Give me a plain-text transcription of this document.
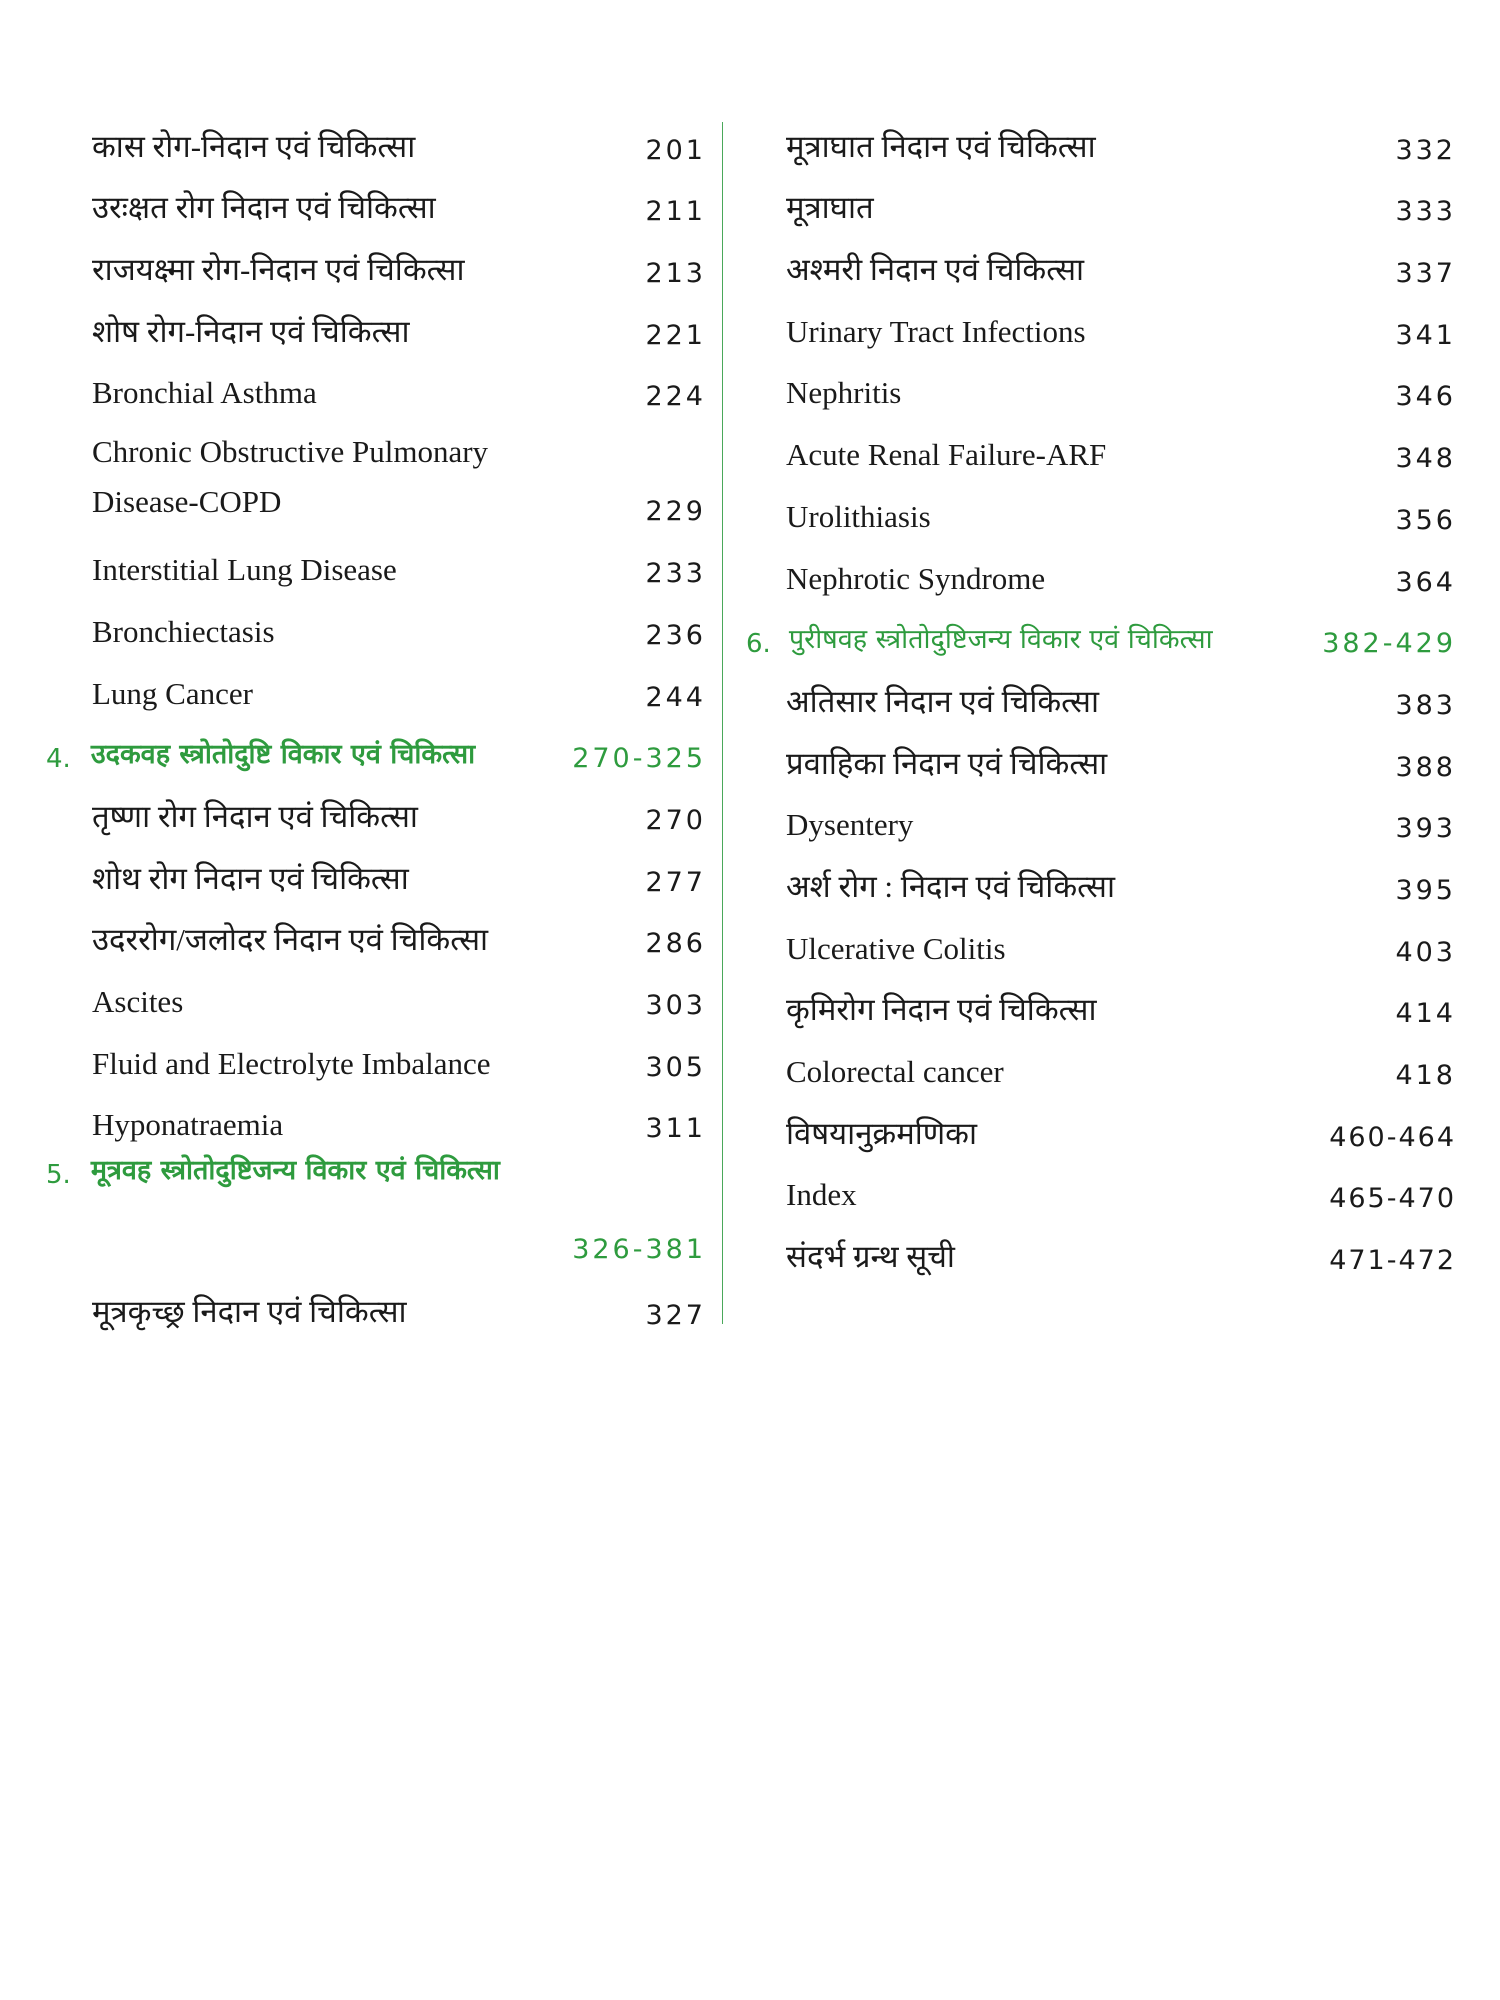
कास रोग-निदान एवं चिकित्सा	201
उरःक्षत रोग निदान एवं चिकित्सा	211
राजयक्ष्मा रोग-निदान एवं चिकित्सा	213
शोष रोग-निदान एवं चिकित्सा	221
Bronchial Asthma	224
Chronic Obstructive Pulmonary
Disease-COPD	229
Interstitial Lung Disease	233
Bronchiectasis	236
Lung Cancer	244
4. उदकवह स्त्रोतोदुष्टि विकार एवं चिकित्सा	270-325
तृष्णा रोग निदान एवं चिकित्सा	270
शोथ रोग निदान एवं चिकित्सा	277
उदररोग/जलोदर निदान एवं चिकित्सा	286
Ascites	303
Fluid and Electrolyte Imbalance	305
Hyponatraemia	311
5. मूत्रवह स्त्रोतोदुष्टिजन्य विकार एवं चिकित्सा
326-381
मूत्रकृच्छ्र निदान एवं चिकित्सा	327
मूत्राघात निदान एवं चिकित्सा	332
मूत्राघात	333
अश्मरी निदान एवं चिकित्सा	337
Urinary Tract Infections	341
Nephritis	346
Acute Renal Failure-ARF	348
Urolithiasis	356
Nephrotic Syndrome	364
6. पुरीषवह स्त्रोतोदुष्टिजन्य विकार एवं चिकित्सा	382-429
अतिसार निदान एवं चिकित्सा	383
प्रवाहिका निदान एवं चिकित्सा	388
Dysentery	393
अर्श रोग : निदान एवं चिकित्सा	395
Ulcerative Colitis	403
कृमिरोग निदान एवं चिकित्सा	414
Colorectal cancer	418
विषयानुक्रमणिका	460-464
Index	465-470
संदर्भ ग्रन्थ सूची	471-472
